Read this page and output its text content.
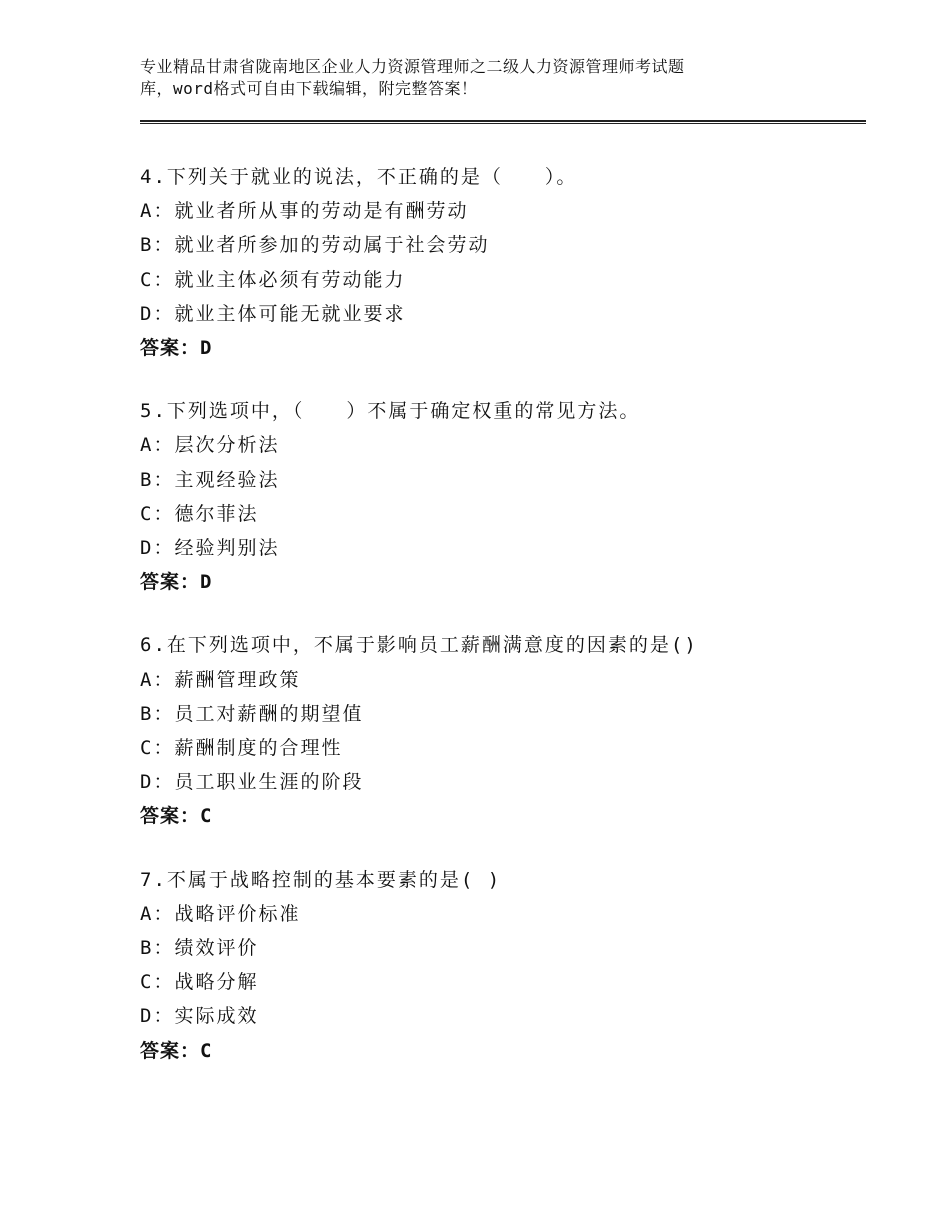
专业精品甘肃省陇南地区企业人力资源管理师之二级人力资源管理师考试题

库，word格式可自由下载编辑，附完整答案！

4.下列关于就业的说法，不正确的是（　　）。

A：就业者所从事的劳动是有酬劳动

B：就业者所参加的劳动属于社会劳动

C：就业主体必须有劳动能力

D：就业主体可能无就业要求

答案：D

5.下列选项中，（　　）不属于确定权重的常见方法。

A：层次分析法

B：主观经验法

C：德尔菲法

D：经验判别法

答案：D

6.在下列选项中，不属于影响员工薪酬满意度的因素的是()

A：薪酬管理政策

B：员工对薪酬的期望值

C：薪酬制度的合理性

D：员工职业生涯的阶段

答案：C

7.不属于战略控制的基本要素的是( )

A：战略评价标准

B：绩效评价

C：战略分解

D：实际成效

答案：C
